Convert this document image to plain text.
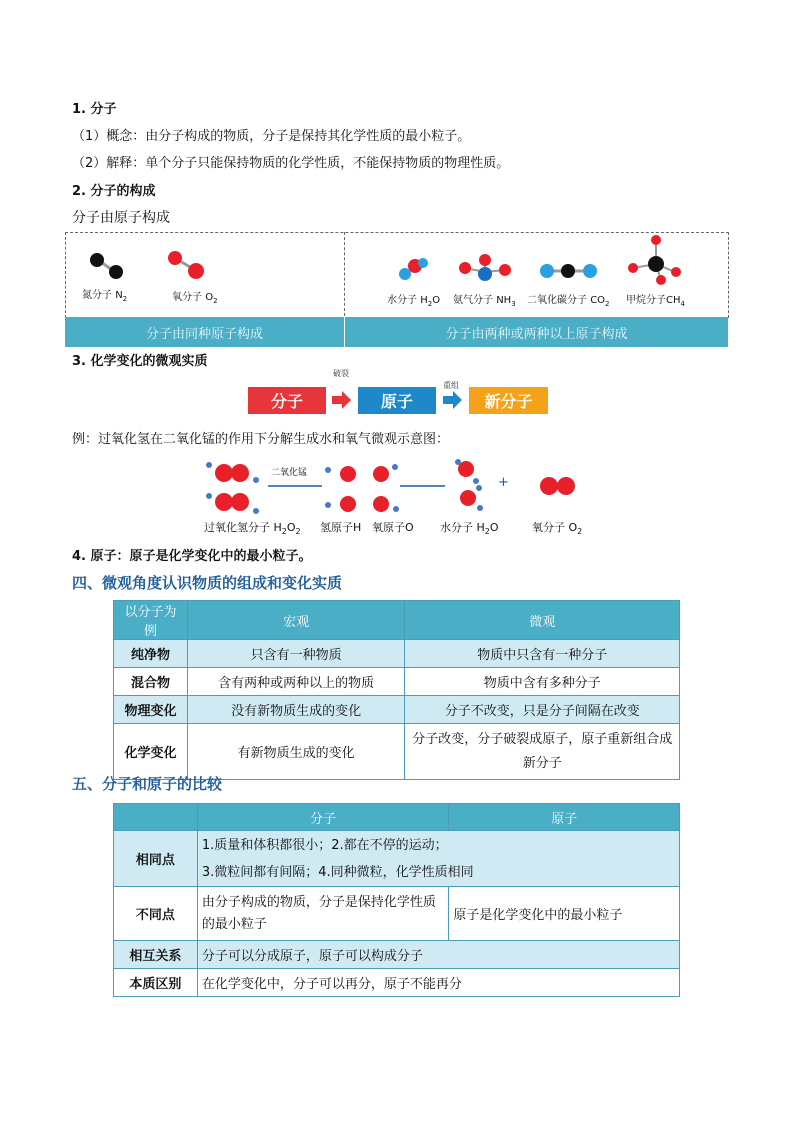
1. 分子
（1）概念：由分子构成的物质，分子是保持其化学性质的最小粒子。
（2）解释：单个分子只能保持物质的化学性质，不能保持物质的物理性质。
2. 分子的构成
分子由原子构成
氮分子 $N_2$	氧分子 $O_2$	水分子 $H_2O$ 氨气分子 $NH_3$ 二氧化碳分子 $CO_2$ 甲烷分子$CH_4$
分子由同种原子构成	分子由两种或两种以上原子构成
3. 化学变化的微观实质
分子
破裂
原子
重组
新分子
例：过氧化氢在二氧化锰的作用下分解生成水和氧气微观示意图：
二氧化锰
+
过氧化氢分子 $H_2O_2$ 氢原子H 氧原子O 水分子 $H_2O$	氧分子 $O_2$
4. 原子：原子是化学变化中的最小粒子。
四、微观角度认识物质的组成和变化实质
以分子为例	宏观	微观
纯净物	只含有一种物质	物质中只含有一种分子
混合物	含有两种或两种以上的物质	物质中含有多种分子
物理变化	没有新物质生成的变化	分子不改变，只是分子间隔在改变
化学变化	有新物质生成的变化	分子改变，分子破裂成原子，原子重新组合成新分子
五、分子和原子的比较
	分子	原子
相同点	1.质量和体积都很小；2.都在不停的运动；
3.微粒间都有间隔；4.同种微粒，化学性质相同	

不同点	由分子构成的物质，分子是保持化学性质的最小粒子	原子是化学变化中的最小粒子
相互关系	分子可以分成原子，原子可以构成分子	
本质区别	在化学变化中，分子可以再分，原子不能再分	
